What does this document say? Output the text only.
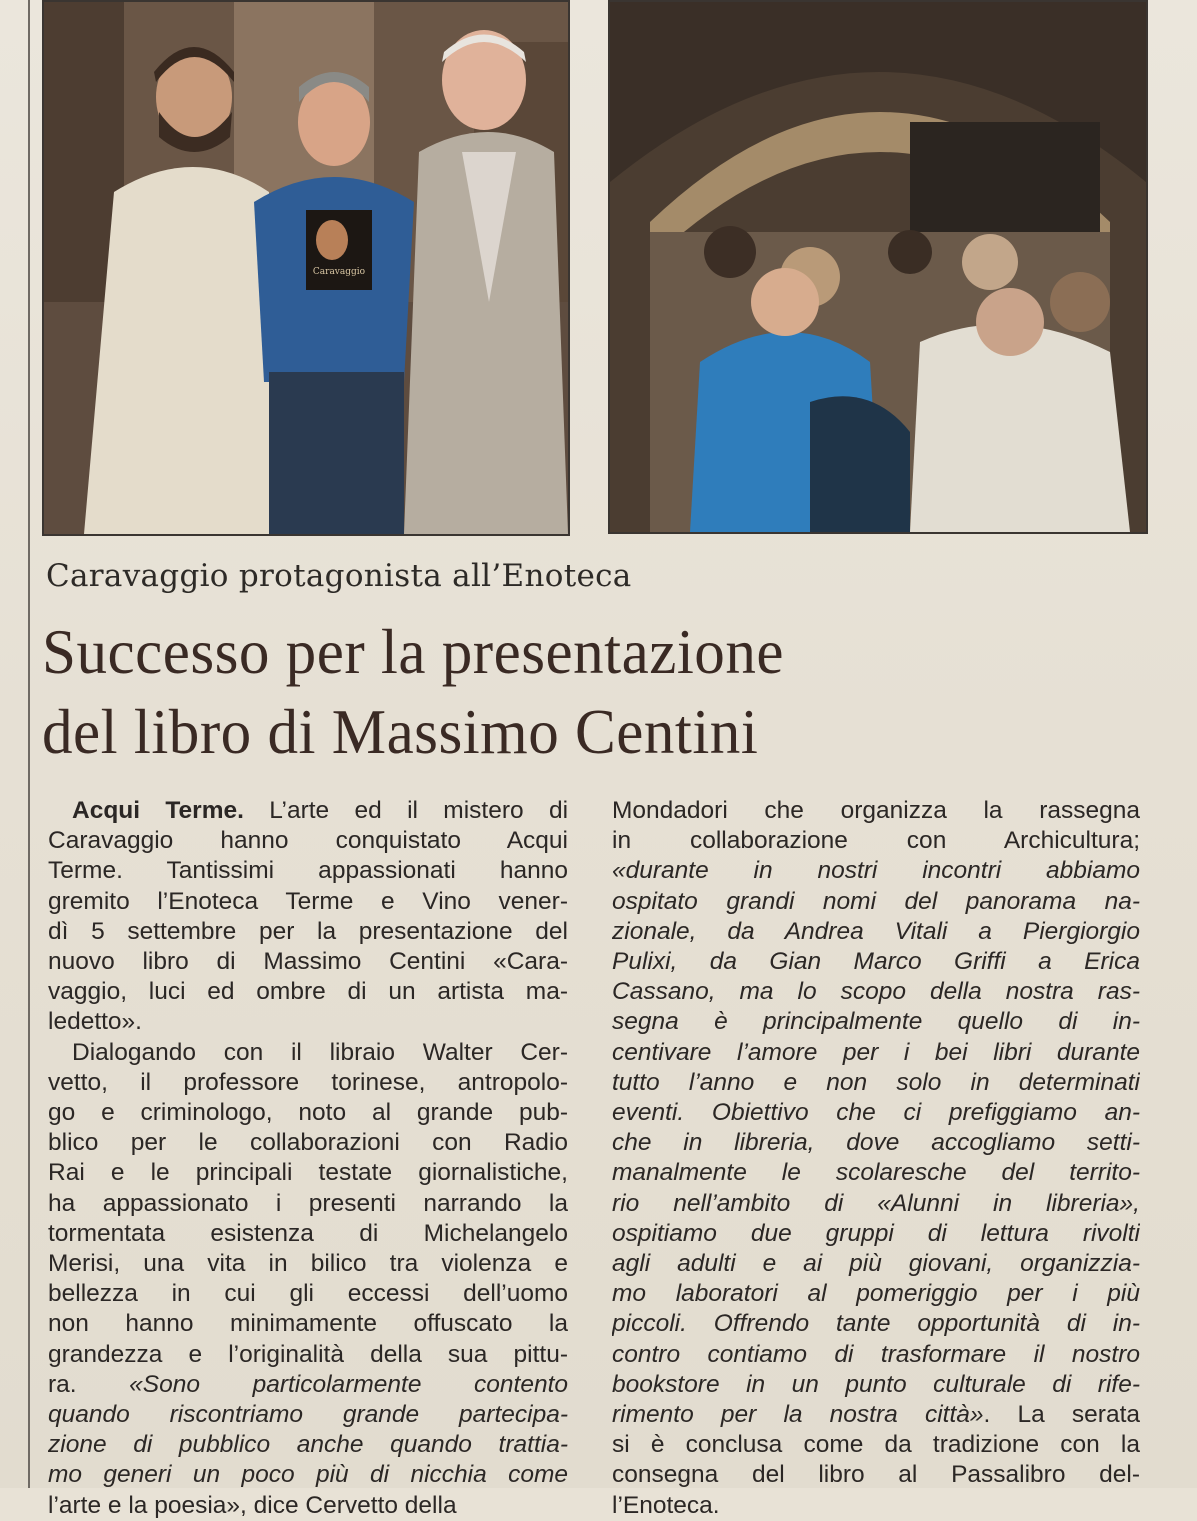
Caravaggio
Caravaggio protagonista all’Enoteca
Successo per la presentazione
del libro di Massimo Centini
Acqui Terme. L’arte ed il mistero di
Caravaggio hanno conquistato Acqui
Terme. Tantissimi appassionati hanno
gremito l’Enoteca Terme e Vino vener-
dì 5 settembre per la presentazione del
nuovo libro di Massimo Centini «Cara-
vaggio, luci ed ombre di un artista ma-
ledetto».
Dialogando con il libraio Walter Cer-
vetto, il professore torinese, antropolo-
go e criminologo, noto al grande pub-
blico per le collaborazioni con Radio
Rai e le principali testate giornalistiche,
ha appassionato i presenti narrando la
tormentata esistenza di Michelangelo
Merisi, una vita in bilico tra violenza e
bellezza in cui gli eccessi dell’uomo
non hanno minimamente offuscato la
grandezza e l’originalità della sua pittu-
ra. «Sono particolarmente contento
quando riscontriamo grande partecipa-
zione di pubblico anche quando trattia-
mo generi un poco più di nicchia come
l’arte e la poesia», dice Cervetto della
Mondadori che organizza la rassegna
in collaborazione con Archicultura;
«durante in nostri incontri abbiamo
ospitato grandi nomi del panorama na-
zionale, da Andrea Vitali a Piergiorgio
Pulixi, da Gian Marco Griffi a Erica
Cassano, ma lo scopo della nostra ras-
segna è principalmente quello di in-
centivare l’amore per i bei libri durante
tutto l’anno e non solo in determinati
eventi. Obiettivo che ci prefiggiamo an-
che in libreria, dove accogliamo setti-
manalmente le scolaresche del territo-
rio nell’ambito di «Alunni in libreria»,
ospitiamo due gruppi di lettura rivolti
agli adulti e ai più giovani, organizzia-
mo laboratori al pomeriggio per i più
piccoli. Offrendo tante opportunità di in-
contro contiamo di trasformare il nostro
bookstore in un punto culturale di rife-
rimento per la nostra città». La serata
si è conclusa come da tradizione con la
consegna del libro al Passalibro del-
l’Enoteca.
